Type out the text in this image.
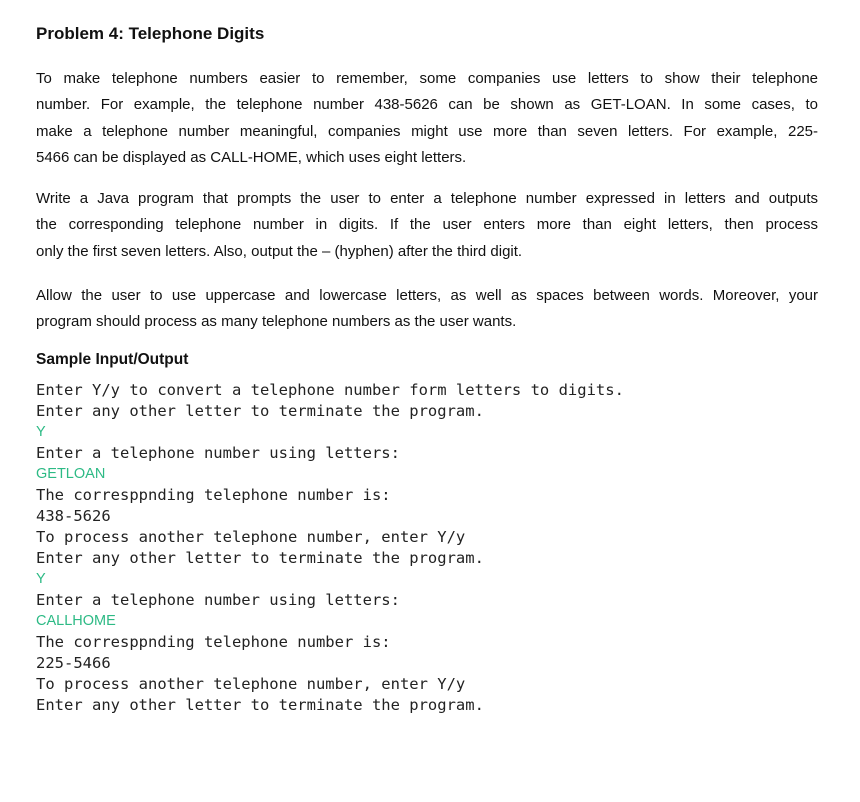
Problem 4: Telephone Digits
To make telephone numbers easier to remember, some companies use letters to show their telephone
number. For example, the telephone number 438-5626 can be shown as GET-LOAN. In some cases, to
make a telephone number meaningful, companies might use more than seven letters. For example, 225-
5466 can be displayed as CALL-HOME, which uses eight letters.
Write a Java program that prompts the user to enter a telephone number expressed in letters and outputs
the corresponding telephone number in digits. If the user enters more than eight letters, then process
only the first seven letters. Also, output the – (hyphen) after the third digit.
Allow the user to use uppercase and lowercase letters, as well as spaces between words. Moreover, your
program should process as many telephone numbers as the user wants.
Sample Input/Output
Enter Y/y to convert a telephone number form letters to digits.
Enter any other letter to terminate the program.
Y
Enter a telephone number using letters:
GETLOAN
The corresppnding telephone number is:
438-5626
To process another telephone number, enter Y/y
Enter any other letter to terminate the program.
Y
Enter a telephone number using letters:
CALLHOME
The corresppnding telephone number is:
225-5466
To process another telephone number, enter Y/y
Enter any other letter to terminate the program.
